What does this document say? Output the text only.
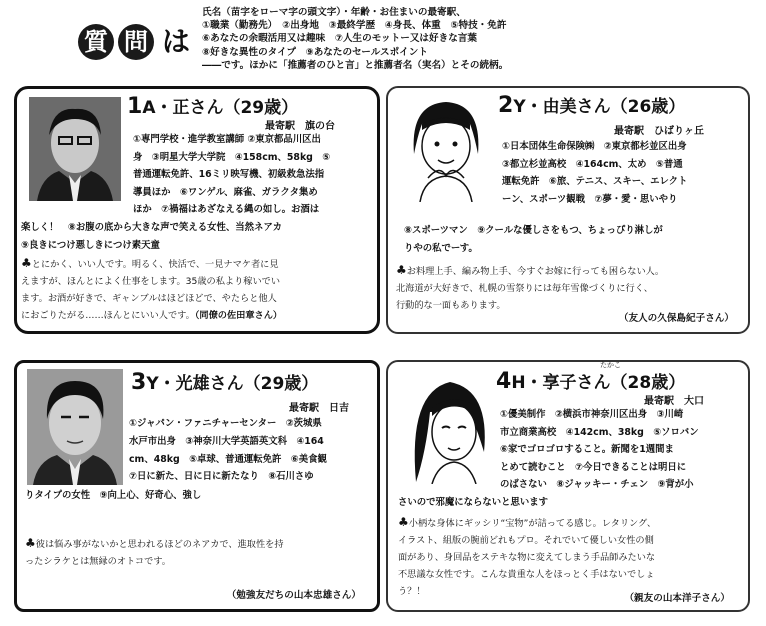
質 問 は
氏名（苗字をローマ字の頭文字）・年齢・お住まいの最寄駅、
①職業（勤務先）　②出身地　③最終学歴　④身長、体重　⑤特技・免許
⑥あなたの余暇活用又は趣味　⑦人生のモットー又は好きな言葉
⑧好きな異性のタイプ　⑨あなたのセールスポイント
――です。ほかに「推薦者のひと言」と推薦者名（実名）とその続柄。
1A・正さん（29歳）
最寄駅　旗の台
①専門学校・進学教室講師 ②東京都品川区出
身　③明星大学大学院　④158cm、58kg　⑤
普通運転免許、16ミリ映写機、初級救急法指
導員ほか　⑥ワンゲル、麻雀、ガラクタ集め
ほか　⑦禍福はあざなえる縄の如し。お酒は
楽しく！　⑧お腹の底から大きな声で笑える女性、当然ネアカ
⑨良きにつけ悪しきにつけ素天童
♣とにかく、いい人です。明るく、快活で、一見ナマケ者に見
えますが、ほんとによく仕事をします。35歳の私より稼いでい
ます。お酒が好きで、ギャンブルはほどほどで、やたらと他人
におごりたがる……ほんとにいい人です。（同僚の佐田章さん）
2Y・由美さん（26歳）
最寄駅　ひばりヶ丘
①日本団体生命保険㈱　②東京都杉並区出身
③都立杉並高校　④164cm、太め　⑤普通
運転免許　⑥旅、テニス、スキー、エレクト
ーン、スポーツ観戦　⑦夢・愛・思いやり
⑧スポーツマン　⑨クールな優しさをもつ、ちょっぴり淋しが
りやの私でーす。
♣お料理上手、編み物上手、今すぐお嫁に行っても困らない人。
北海道が大好きで、札幌の雪祭りには毎年雪像づくりに行く、
行動的な一面もあります。
（友人の久保島紀子さん）
3Y・光雄さん（29歳）
最寄駅　日吉
①ジャパン・ファニチャーセンター　②茨城県
水戸市出身　③神奈川大学英語英文科　④164
cm、48kg　⑤卓球、普通運転免許　⑥美食観
⑦日に新た、日に日に新たなり　⑧石川さゆ
りタイプの女性　⑨向上心、好奇心、強し
♣彼は悩み事がないかと思われるほどのネアカで、進取性を持
ったシラケとは無縁のオトコです。
（勉強友だちの山本忠雄さん）
たかこ
4H・享子さん（28歳）
最寄駅　大口
①優美制作　②横浜市神奈川区出身　③川崎
市立商業高校　④142cm、38kg　⑤ソロバン
⑥家でゴロゴロすること。新聞を1週間ま
とめて読むこと　⑦今日できることは明日に
のばさない　⑧ジャッキー・チェン　⑨背が小
さいので邪魔にならないと思います
♣小柄な身体にギッシリ“宝物”が詰ってる感じ。レタリング、
イラスト、組版の腕前どれもプロ。それでいて優しい女性の側
面があり、身回品をステキな物に変えてしまう手品師みたいな
不思議な女性です。こんな貴重な人をほっとく手はないでしょ
う？！
（親友の山本洋子さん）
